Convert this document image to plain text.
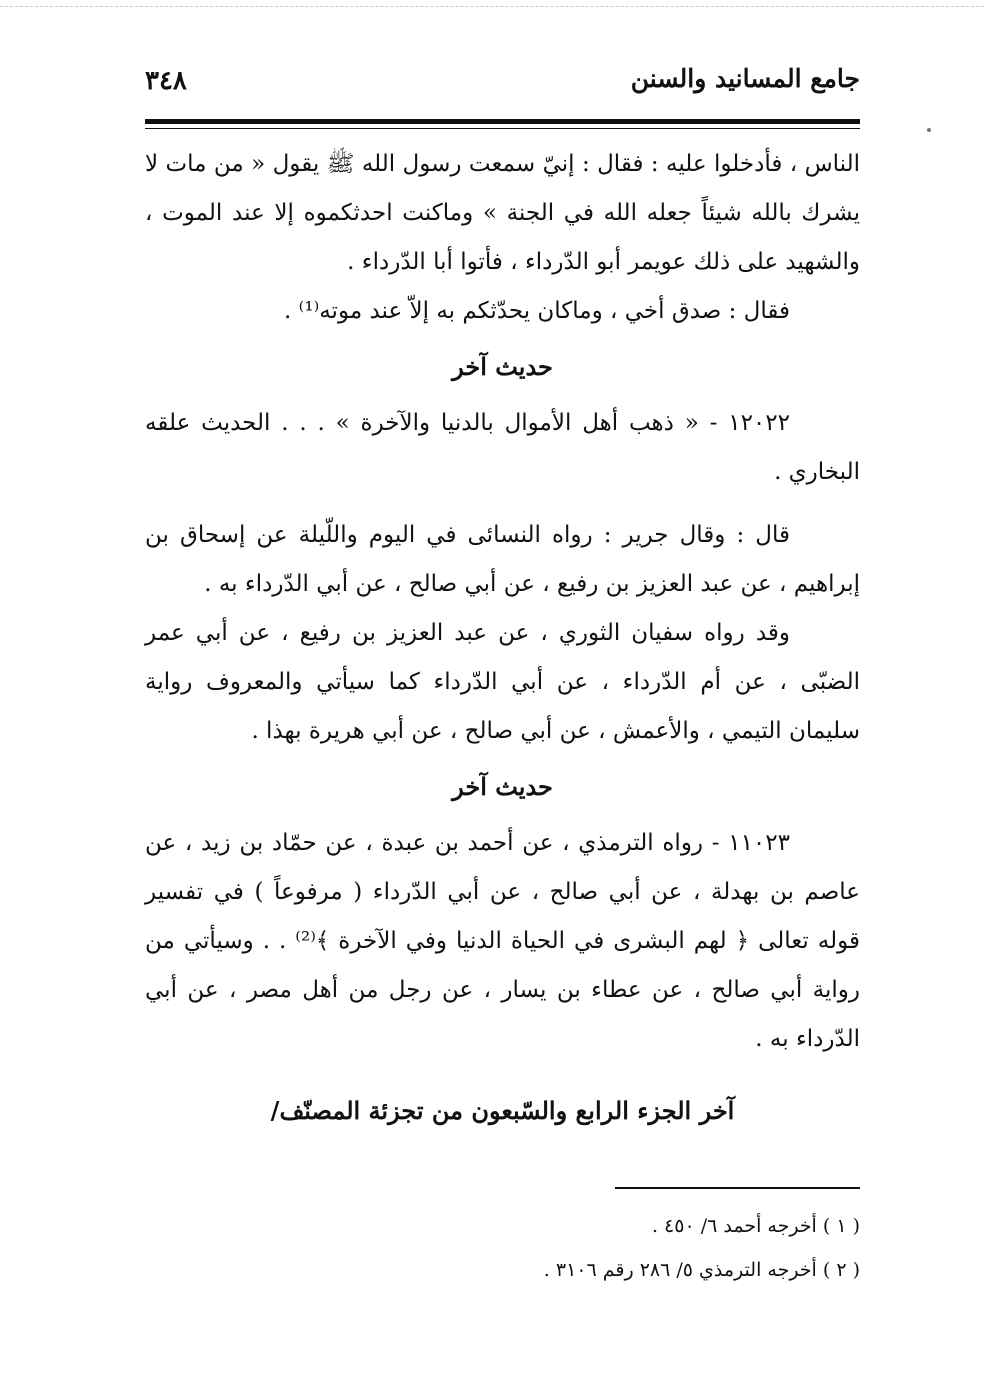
جامع المسانيد والسنن
٣٤٨

الناس ، فأدخلوا عليه : فقال : إنيّ سمعت رسول الله ﷺ يقول « من مات لا يشرك بالله شيئاً جعله الله في الجنة » وماكنت احدثكموه إلا عند الموت ، والشهيد على ذلك عويمر أبو الدّرداء ، فأتوا أبا الدّرداء .

فقال : صدق أخي ، وماكان يحدّثكم به إلاّ عند موته⁽¹⁾ .

حديث آخر

١٢٠٢٢ - « ذهب أهل الأموال بالدنيا والآخرة » . . . الحديث علقه البخاري .

قال : وقال جرير : رواه النسائى في اليوم واللّيلة عن إسحاق بن إبراهيم ، عن عبد العزيز بن رفيع ، عن أبي صالح ، عن أبي الدّرداء به .

وقد رواه سفيان الثوري ، عن عبد العزيز بن رفيع ، عن أبي عمر الضبّى ، عن أم الدّرداء ، عن أبي الدّرداء كما سيأتي والمعروف رواية سليمان التيمي ، والأعمش ، عن أبي صالح ، عن أبي هريرة بهذا .

حديث آخر

١١٠٢٣ - رواه الترمذي ، عن أحمد بن عبدة ، عن حمّاد بن زيد ، عن عاصم بن بهدلة ، عن أبي صالح ، عن أبي الدّرداء ( مرفوعاً ) في تفسير قوله تعالى ﴿ لهم البشرى في الحياة الدنيا وفي الآخرة ﴾⁽²⁾ . . وسيأتي من رواية أبي صالح ، عن عطاء بن يسار ، عن رجل من أهل مصر ، عن أبي الدّرداء به .

آخر الجزء الرابع والسّبعون من تجزئة المصنّف/

( ١ ) أخرجه أحمد ٦/ ٤٥٠ .

( ٢ ) أخرجه الترمذي ٥/ ٢٨٦ رقم ٣١٠٦ .
